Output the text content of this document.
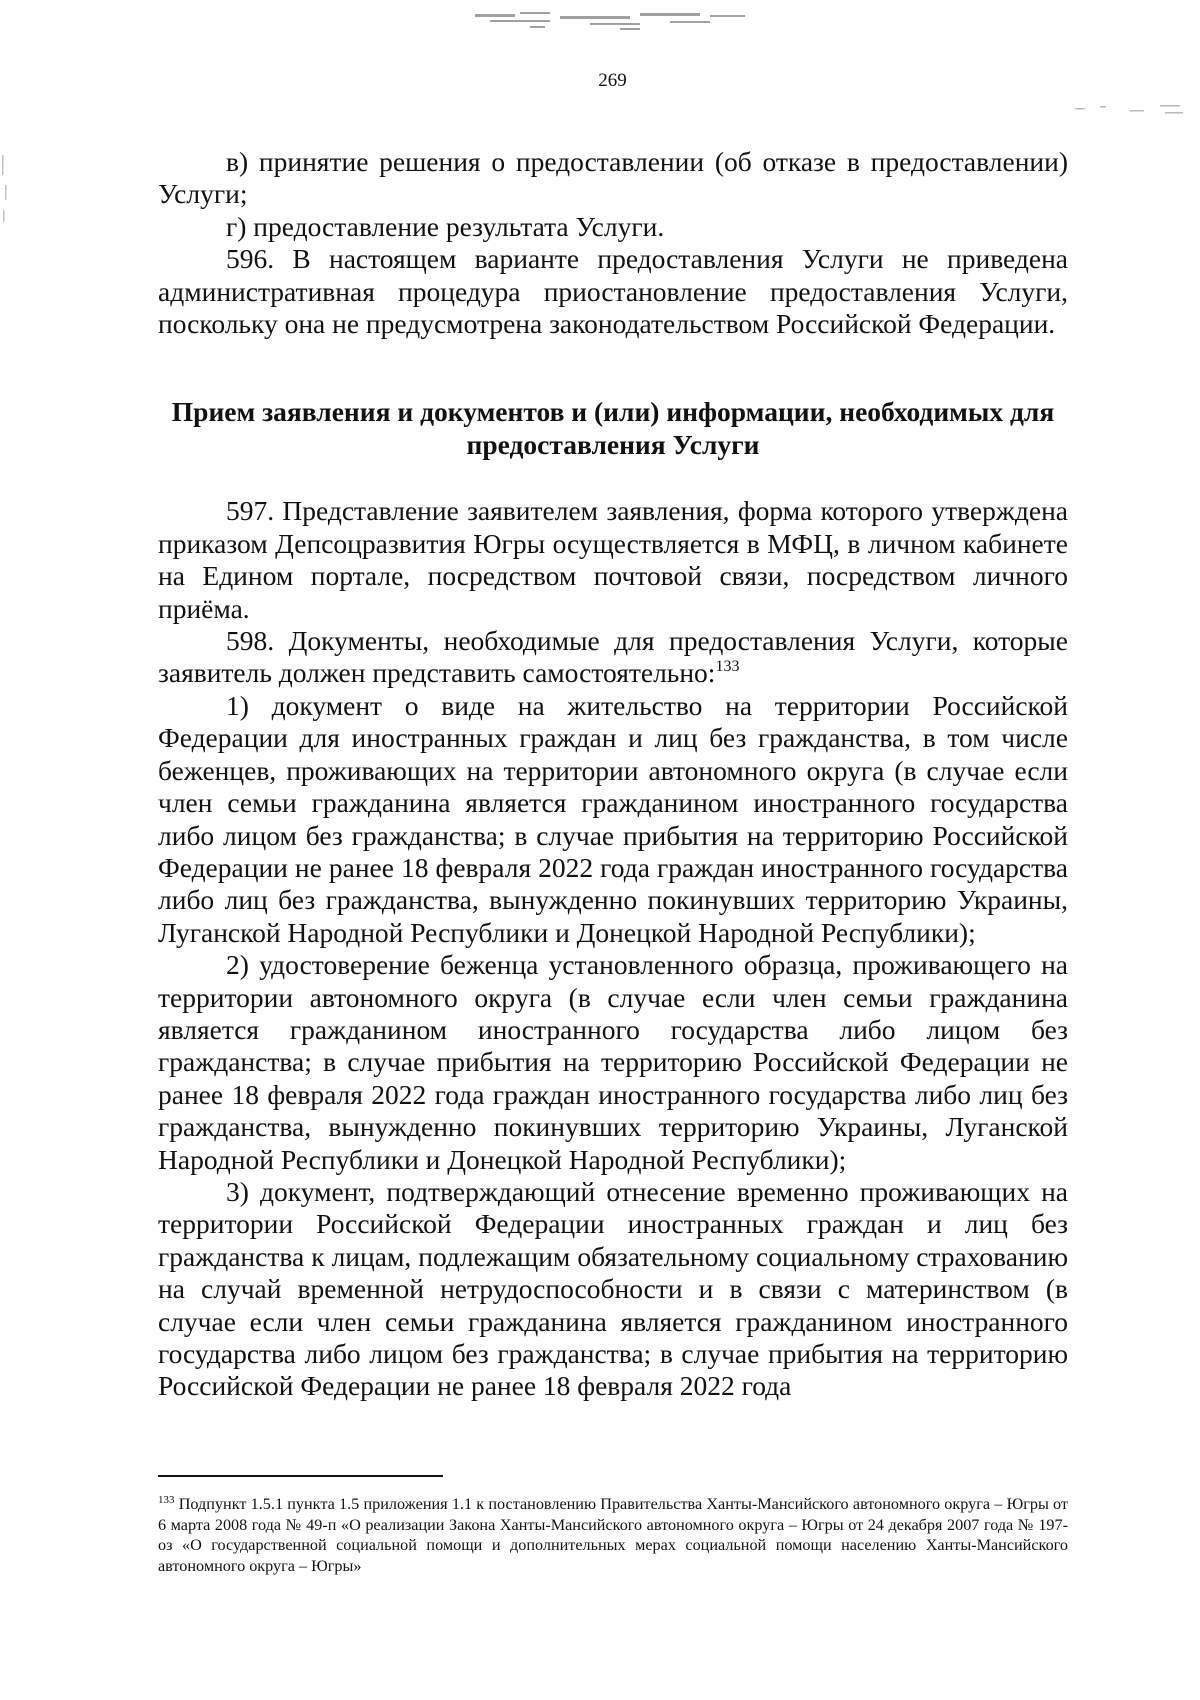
269

в) принятие решения о предоставлении (об отказе в предоставлении) Услуги;

г) предоставление результата Услуги.

596. В настоящем варианте предоставления Услуги не приведена административная процедура приостановление предоставления Услуги, поскольку она не предусмотрена законодательством Российской Федерации.

Прием заявления и документов и (или) информации, необходимых для предоставления Услуги

597. Представление заявителем заявления, форма которого утверждена приказом Депсоцразвития Югры осуществляется в МФЦ, в личном кабинете на Едином портале, посредством почтовой связи, посредством личного приёма.

598. Документы, необходимые для предоставления Услуги, которые заявитель должен представить самостоятельно:$^{133}$

1) документ о виде на жительство на территории Российской Федерации для иностранных граждан и лиц без гражданства, в том числе беженцев, проживающих на территории автономного округа (в случае если член семьи гражданина является гражданином иностранного государства либо лицом без гражданства; в случае прибытия на территорию Российской Федерации не ранее 18 февраля 2022 года граждан иностранного государства либо лиц без гражданства, вынужденно покинувших территорию Украины, Луганской Народной Республики и Донецкой Народной Республики);

2) удостоверение беженца установленного образца, проживающего на территории автономного округа (в случае если член семьи гражданина является гражданином иностранного государства либо лицом без гражданства; в случае прибытия на территорию Российской Федерации не ранее 18 февраля 2022 года граждан иностранного государства либо лиц без гражданства, вынужденно покинувших территорию Украины, Луганской Народной Республики и Донецкой Народной Республики);

3) документ, подтверждающий отнесение временно проживающих на территории Российской Федерации иностранных граждан и лиц без гражданства к лицам, подлежащим обязательному социальному страхованию на случай временной нетрудоспособности и в связи с материнством (в случае если член семьи гражданина является гражданином иностранного государства либо лицом без гражданства; в случае прибытия на территорию Российской Федерации не ранее 18 февраля 2022 года

$^{133}$ Подпункт 1.5.1 пункта 1.5 приложения 1.1 к постановлению Правительства Ханты-Мансийского автономного округа – Югры от 6 марта 2008 года № 49-п «О реализации Закона Ханты-Мансийского автономного округа – Югры от 24 декабря 2007 года № 197-оз «О государственной социальной помощи и дополнительных мерах социальной помощи населению Ханты-Мансийского автономного округа – Югры»
